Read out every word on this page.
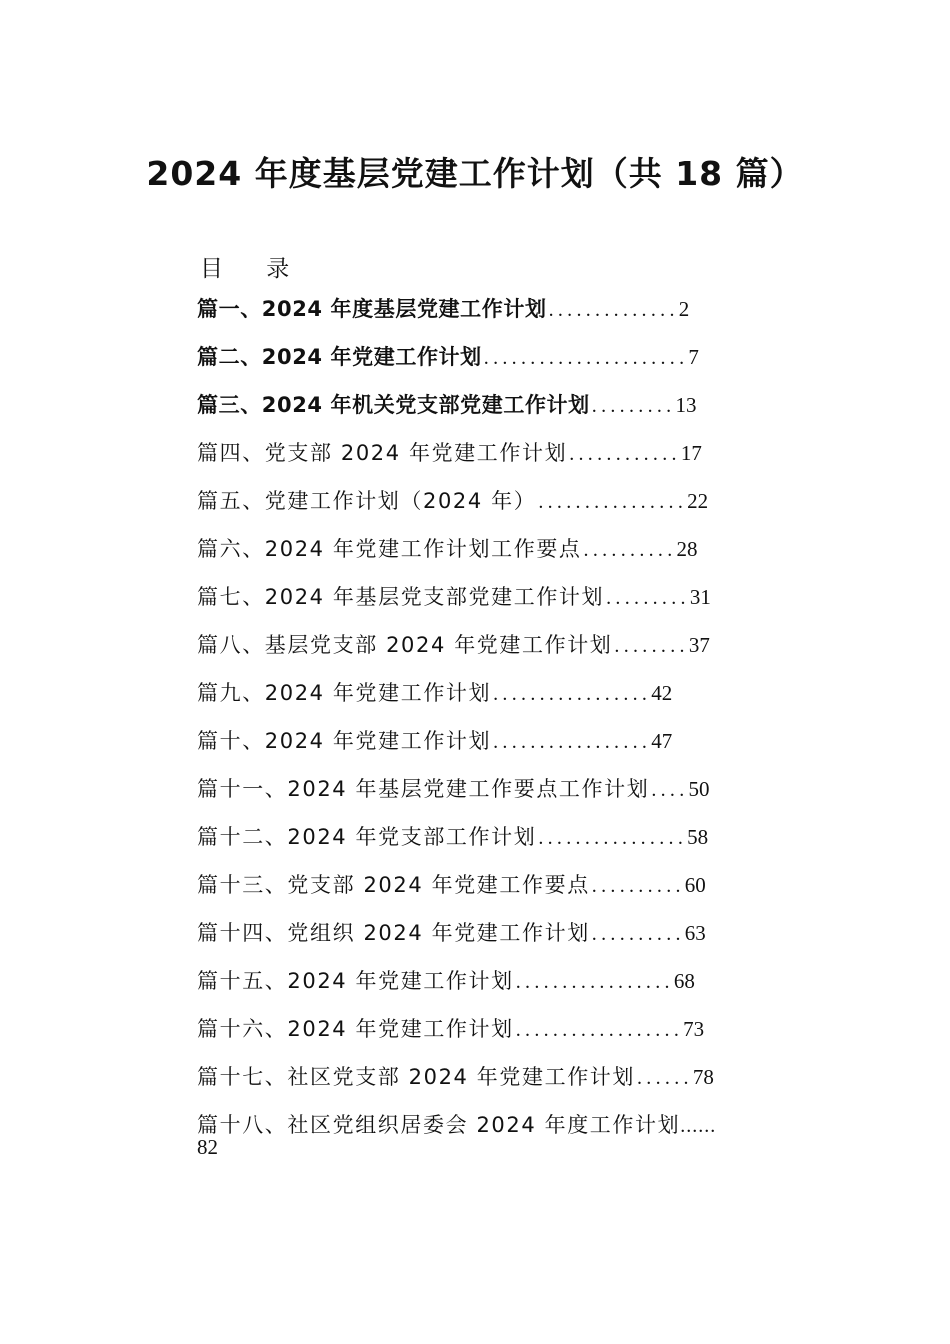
2024 年度基层党建工作计划（共 18 篇）
目 录
篇一、2024 年度基层党建工作计划 .............. 2
篇二、2024 年党建工作计划 ...................... 7
篇三、2024 年机关党支部党建工作计划 ......... 13
篇四、党支部 2024 年党建工作计划 ............ 17
篇五、党建工作计划（2024 年） ................ 22
篇六、2024 年党建工作计划工作要点 .......... 28
篇七、2024 年基层党支部党建工作计划 ......... 31
篇八、基层党支部 2024 年党建工作计划 ........ 37
篇九、2024 年党建工作计划 ................. 42
篇十、2024 年党建工作计划 ................. 47
篇十一、2024 年基层党建工作要点工作计划 .... 50
篇十二、2024 年党支部工作计划 ................ 58
篇十三、党支部 2024 年党建工作要点 .......... 60
篇十四、党组织 2024 年党建工作计划 .......... 63
篇十五、2024 年党建工作计划 ................. 68
篇十六、2024 年党建工作计划 .................. 73
篇十七、社区党支部 2024 年党建工作计划 ...... 78
篇十八、社区党组织居委会 2024 年度工作计划......
82
